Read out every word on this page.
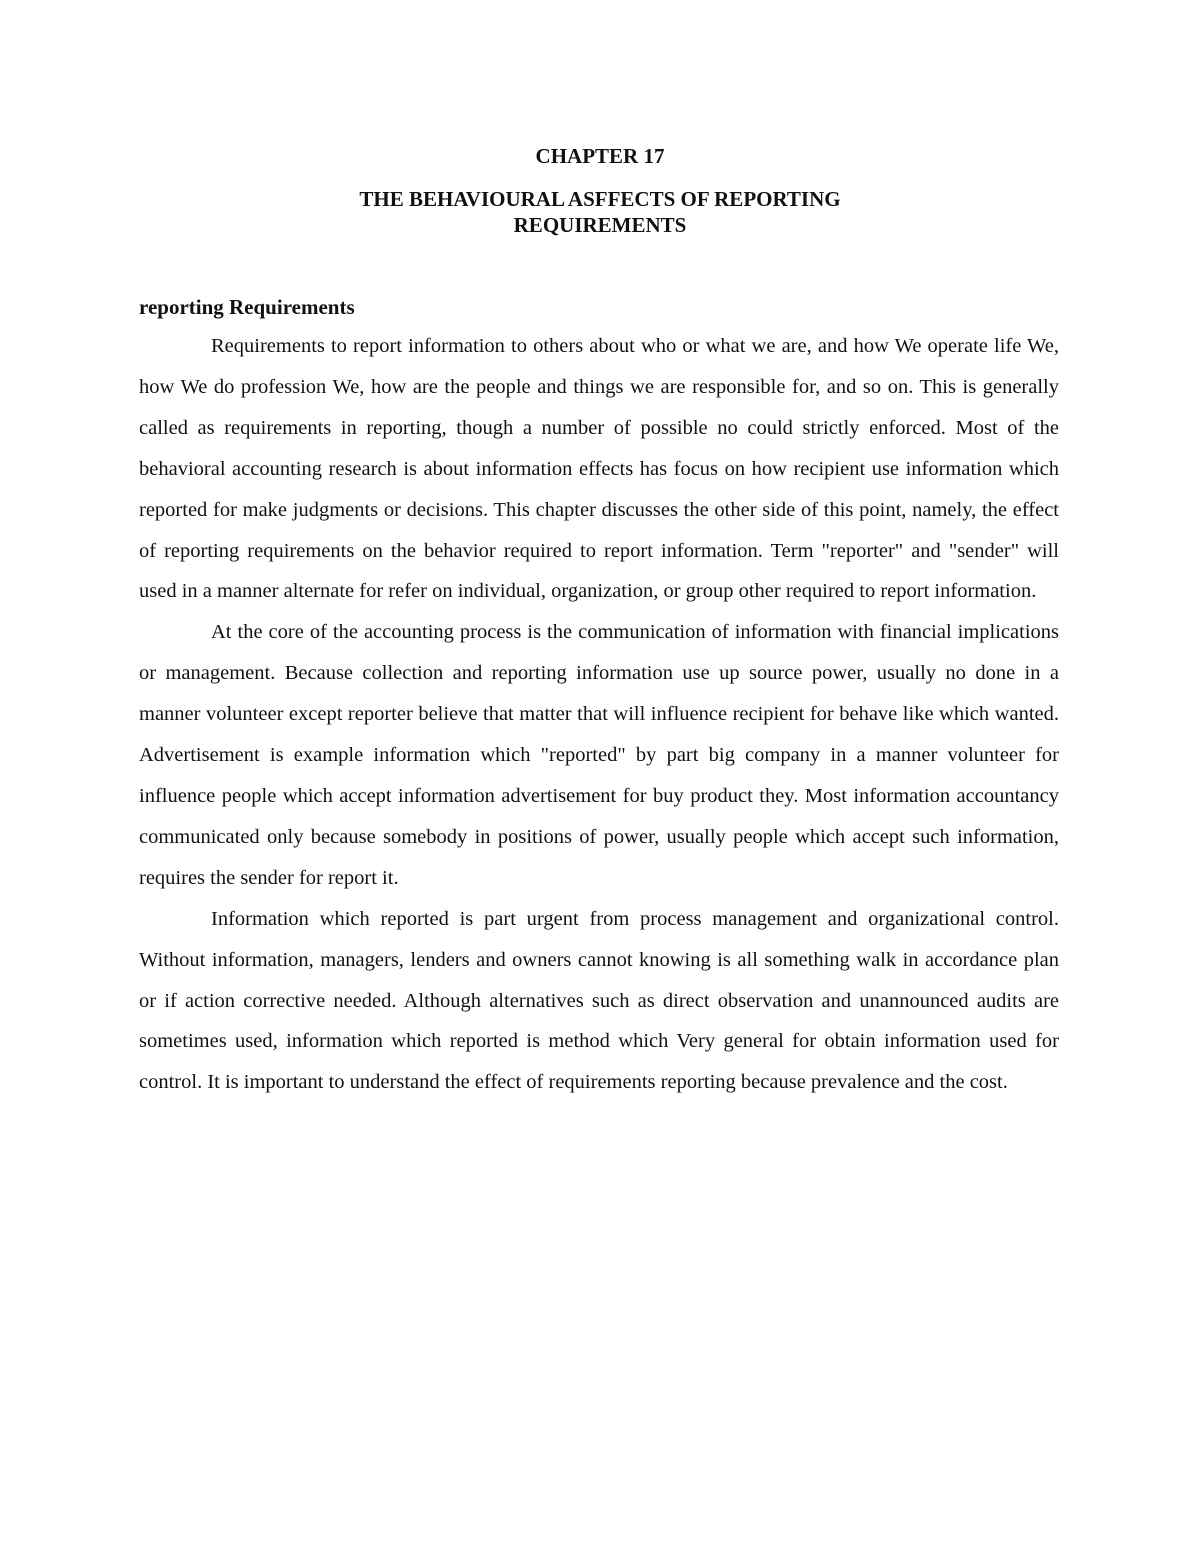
CHAPTER 17
THE BEHAVIOURAL ASFFECTS OF REPORTING REQUIREMENTS
reporting Requirements

Requirements to report information to others about who or what we are, and how We operate life We, how We do profession We, how are the people and things we are responsible for, and so on. This is generally called as requirements in reporting, though a number of possible no could strictly enforced. Most of the behavioral accounting research is about information effects has focus on how recipient use information which reported for make judgments or decisions. This chapter discusses the other side of this point, namely, the effect of reporting requirements on the behavior required to report information. Term "reporter" and "sender" will used in a manner alternate for refer on individual, organization, or group other required to report information.

At the core of the accounting process is the communication of information with financial implications or management. Because collection and reporting information use up source power, usually no done in a manner volunteer except reporter believe that matter that will influence recipient for behave like which wanted. Advertisement is example information which "reported" by part big company in a manner volunteer for influence people which accept information advertisement for buy product they. Most information accountancy communicated only because somebody in positions of power, usually people which accept such information, requires the sender for report it.

Information which reported is part urgent from process management and organizational control. Without information, managers, lenders and owners cannot knowing is all something walk in accordance plan or if action corrective needed. Although alternatives such as direct observation and unannounced audits are sometimes used, information which reported is method which Very general for obtain information used for control. It is important to understand the effect of requirements reporting because prevalence and the cost.
